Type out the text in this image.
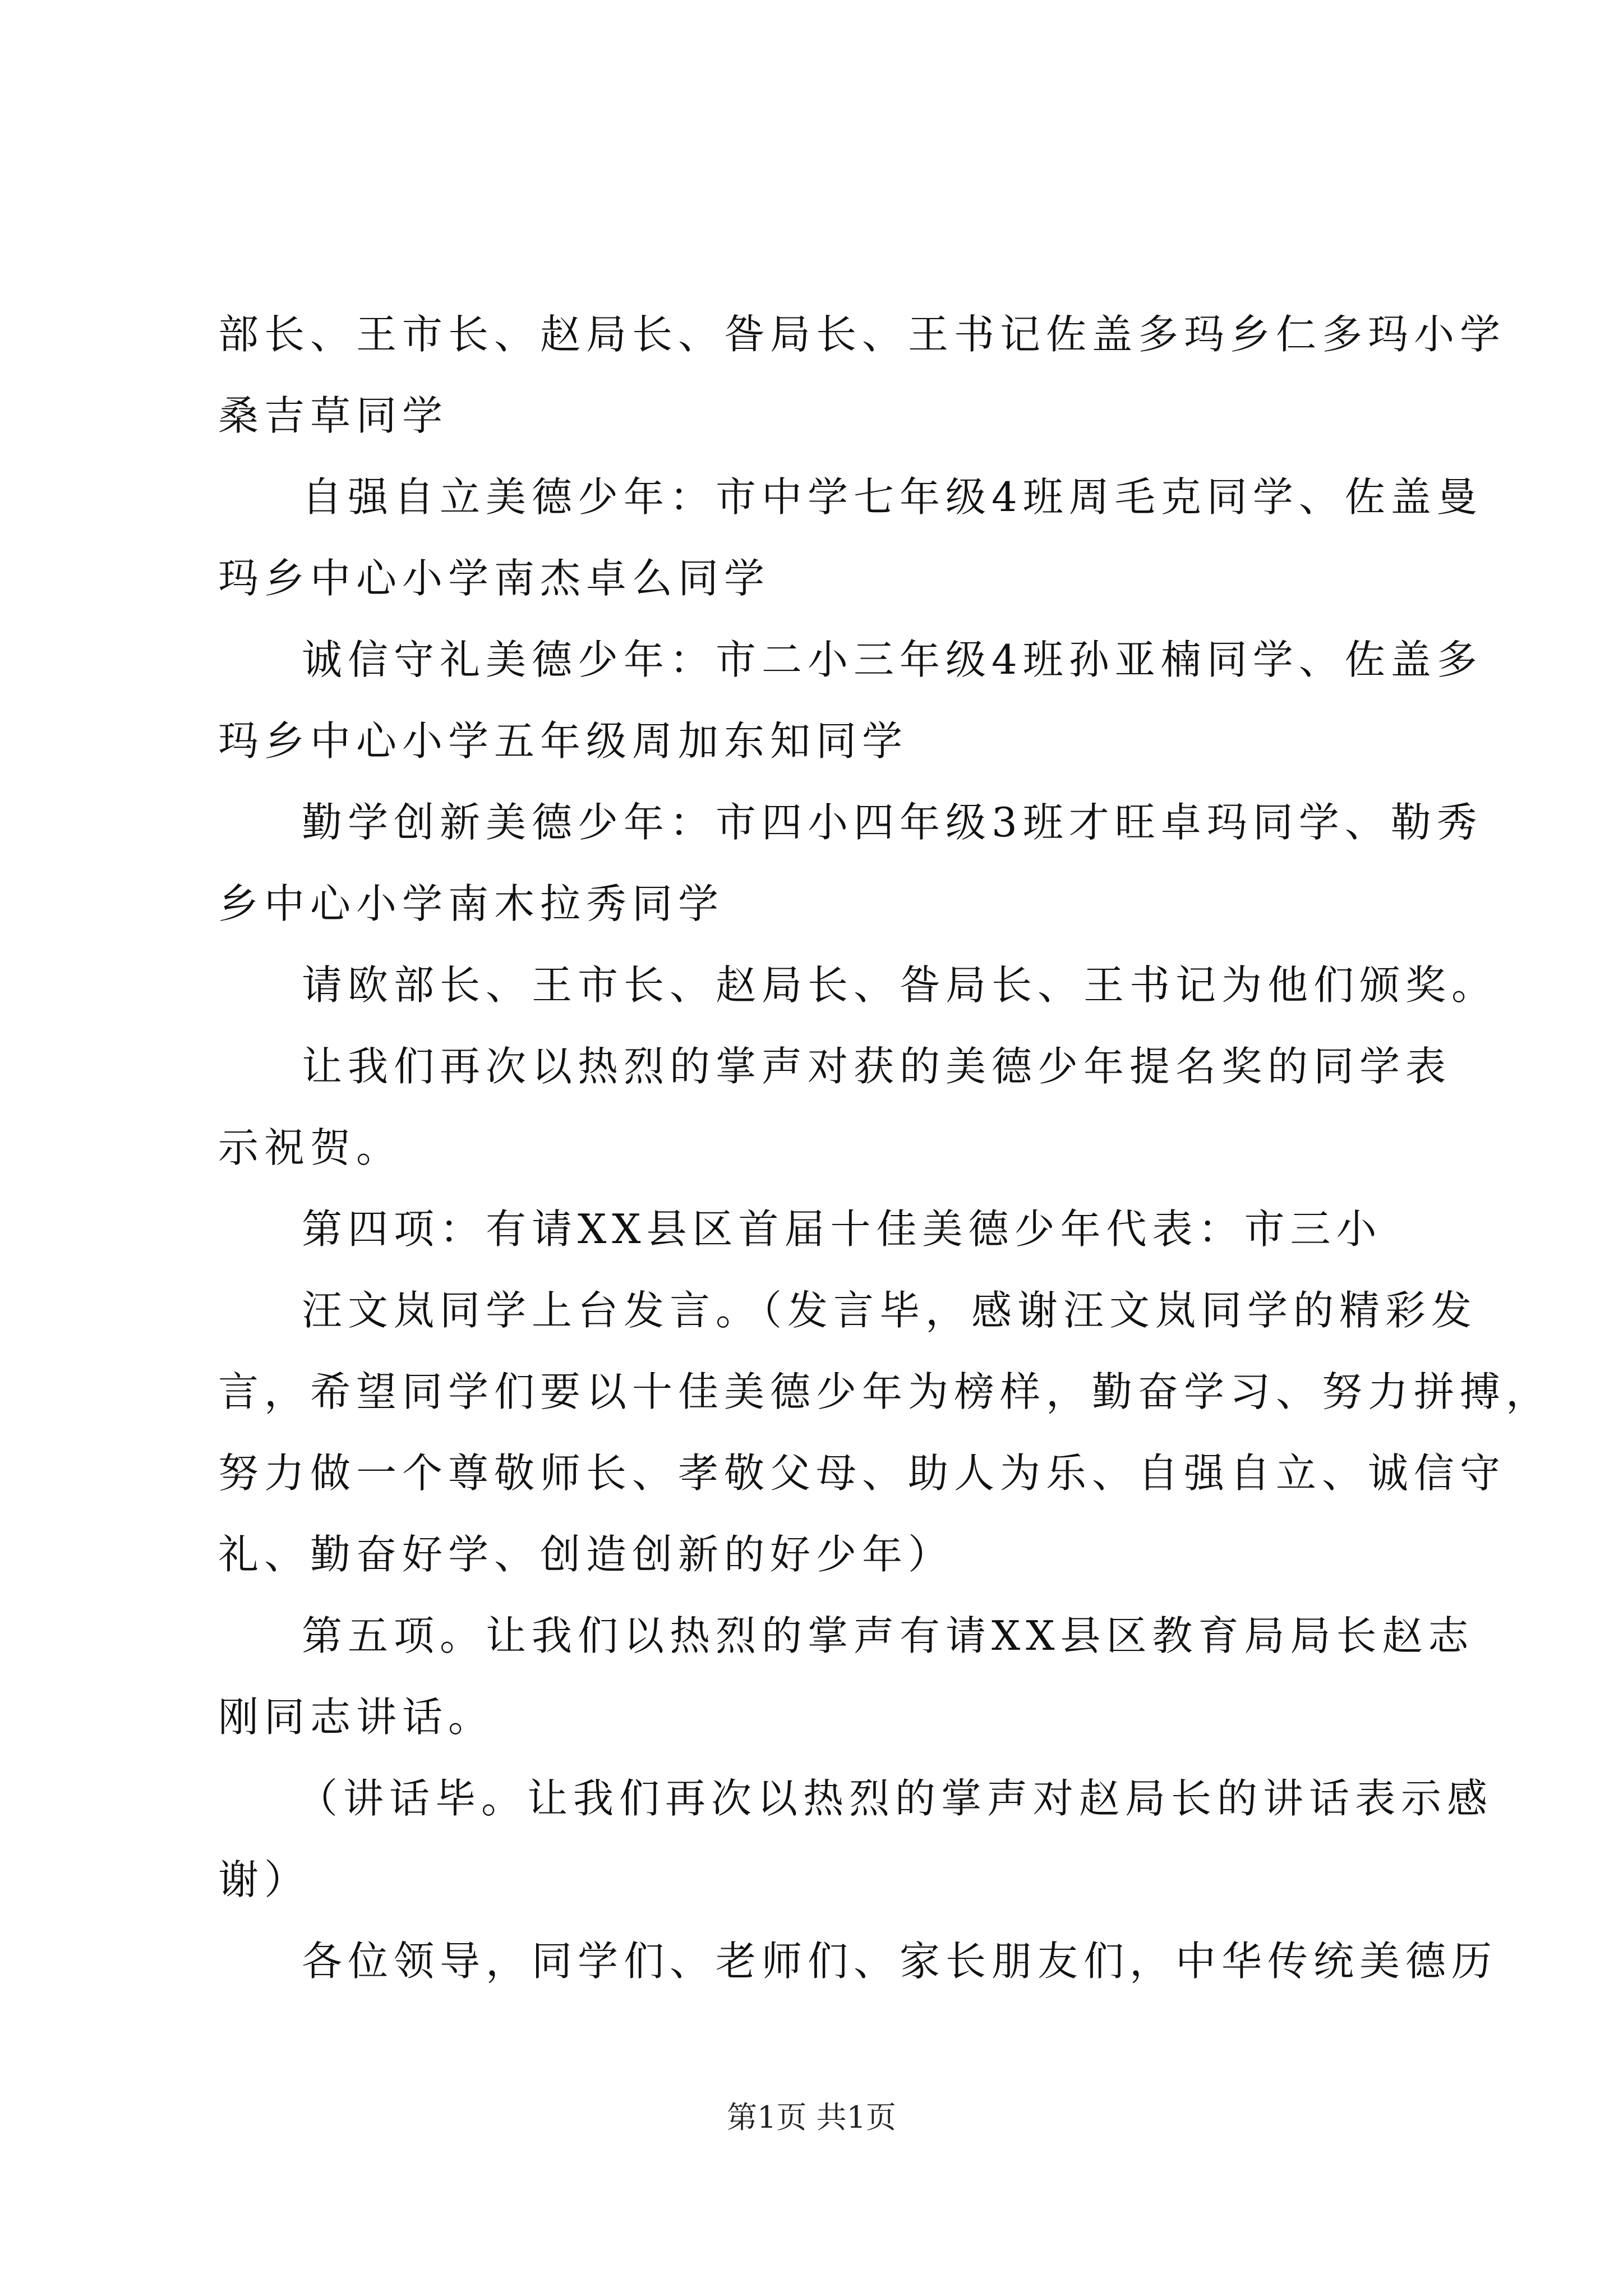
部长、王市长、赵局长、昝局长、王书记佐盖多玛乡仁多玛小学
桑吉草同学
自强自立美德少年：市中学七年级4班周毛克同学、佐盖曼
玛乡中心小学南杰卓么同学
诚信守礼美德少年：市二小三年级4班孙亚楠同学、佐盖多
玛乡中心小学五年级周加东知同学
勤学创新美德少年：市四小四年级3班才旺卓玛同学、勒秀
乡中心小学南木拉秀同学
请欧部长、王市长、赵局长、昝局长、王书记为他们颁奖。
让我们再次以热烈的掌声对获的美德少年提名奖的同学表
示祝贺。
第四项：有请XX县区首届十佳美德少年代表：市三小
汪文岚同学上台发言。（发言毕，感谢汪文岚同学的精彩发
言，希望同学们要以十佳美德少年为榜样，勤奋学习、努力拼搏，
努力做一个尊敬师长、孝敬父母、助人为乐、自强自立、诚信守
礼、勤奋好学、创造创新的好少年）
第五项。让我们以热烈的掌声有请XX县区教育局局长赵志
刚同志讲话。
（讲话毕。让我们再次以热烈的掌声对赵局长的讲话表示感
谢）
各位领导，同学们、老师们、家长朋友们，中华传统美德历
第1页 共1页
